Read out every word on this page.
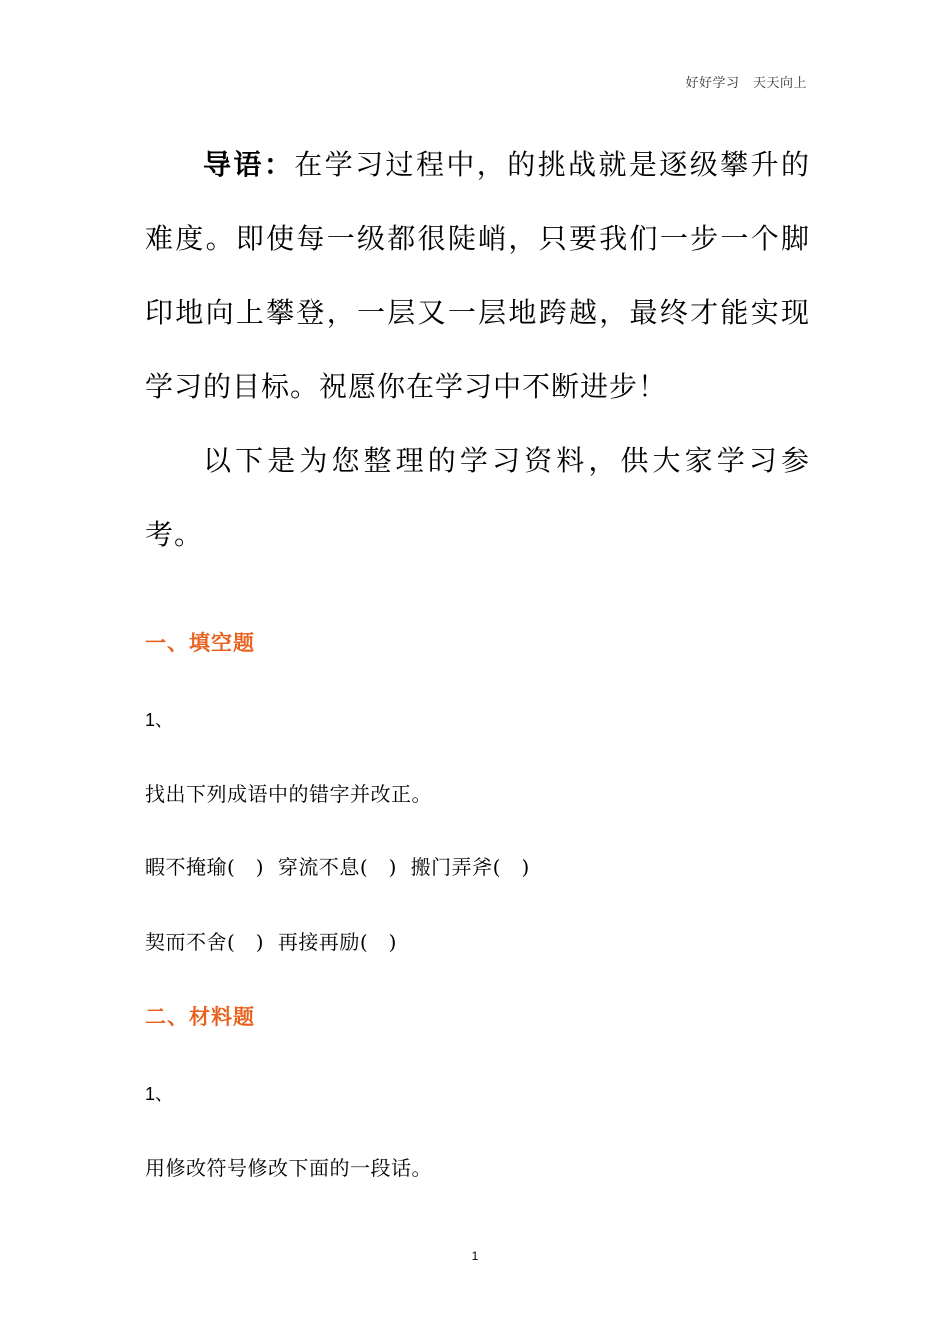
好好学习　天天向上

导语：在学习过程中，的挑战就是逐级攀升的难度。即使每一级都很陡峭，只要我们一步一个脚印地向上攀登，一层又一层地跨越，最终才能实现学习的目标。祝愿你在学习中不断进步！

以下是为您整理的学习资料，供大家学习参考。

一、填空题
1、
找出下列成语中的错字并改正。
暇不掩瑜(　)  穿流不息(　)  搬门弄斧(　)
契而不舍(　)  再接再励(　)
二、材料题
1、
用修改符号修改下面的一段话。
1
